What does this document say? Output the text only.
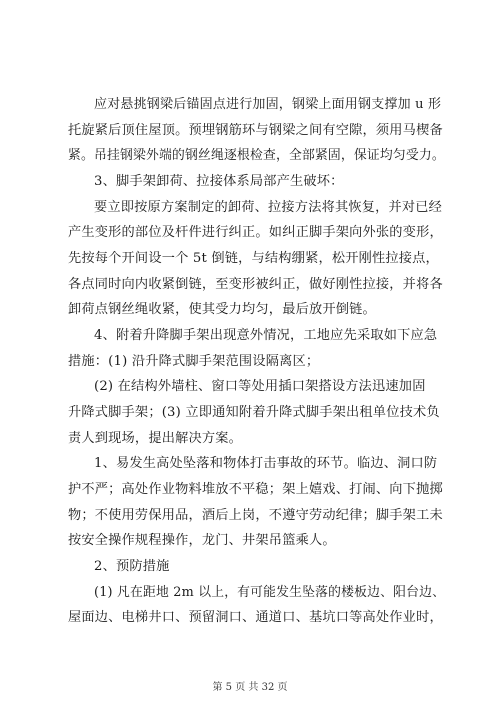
应对悬挑钢梁后锚固点进行加固，钢梁上面用钢支撑加 u 形
托旋紧后顶住屋顶。预埋钢筋环与钢梁之间有空隙，须用马楔备
紧。吊挂钢梁外端的钢丝绳逐根检查，全部紧固，保证均匀受力。
3、脚手架卸荷、拉接体系局部产生破坏：
要立即按原方案制定的卸荷、拉接方法将其恢复，并对已经
产生变形的部位及杆件进行纠正。如纠正脚手架向外张的变形，
先按每个开间设一个 5t 倒链，与结构绷紧，松开刚性拉接点，
各点同时向内收紧倒链，至变形被纠正，做好刚性拉接，并将各
卸荷点钢丝绳收紧，使其受力均匀，最后放开倒链。
4、附着升降脚手架出现意外情况，工地应先采取如下应急
措施：(1) 沿升降式脚手架范围设隔离区；
(2) 在结构外墙柱、窗口等处用插口架搭设方法迅速加固
升降式脚手架；(3) 立即通知附着升降式脚手架出租单位技术负
责人到现场，提出解决方案。
1、易发生高处坠落和物体打击事故的环节。临边、洞口防
护不严；高处作业物料堆放不平稳；架上嬉戏、打闹、向下抛掷
物；不使用劳保用品，酒后上岗，不遵守劳动纪律；脚手架工未
按安全操作规程操作，龙门、井架吊篮乘人。
2、预防措施
(1) 凡在距地 2m 以上，有可能发生坠落的楼板边、阳台边、
屋面边、电梯井口、预留洞口、通道口、基坑口等高处作业时，
第 5 页 共 32 页
